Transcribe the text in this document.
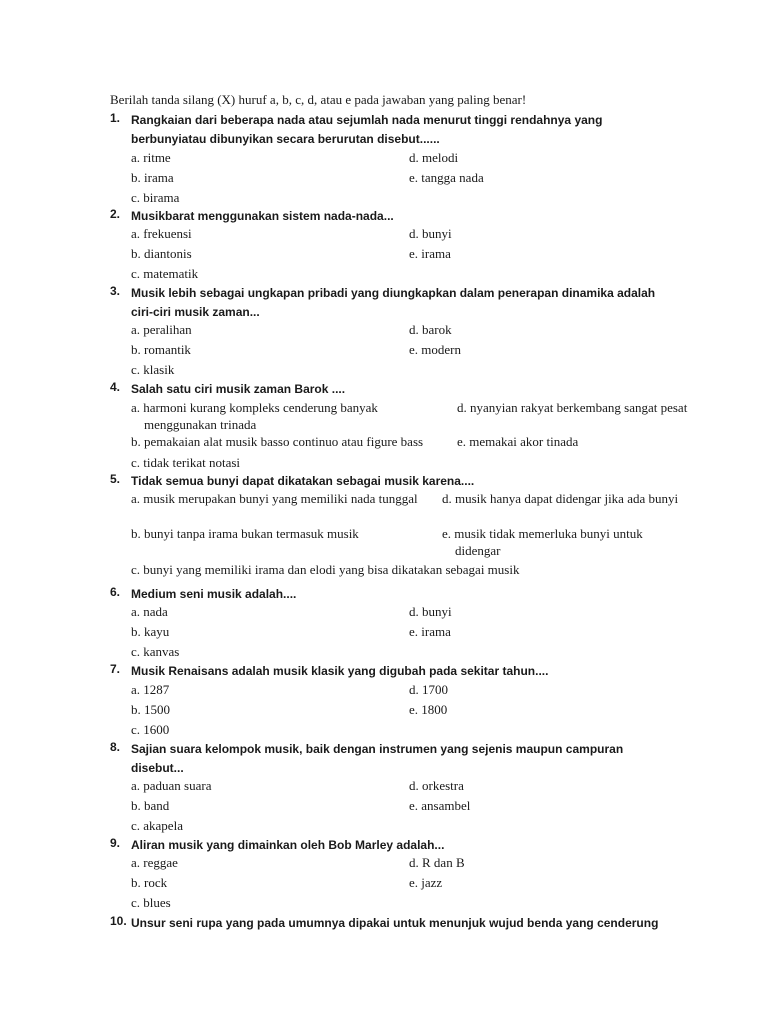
Berilah tanda silang (X) huruf a, b, c, d, atau e pada jawaban yang paling benar!
1. Rangkaian dari beberapa nada atau sejumlah nada menurut tinggi rendahnya yang berbunyiatau dibunyikan secara berurutan disebut......
a. ritme
b. irama
c. birama
d. melodi
e. tangga nada
2. Musikbarat menggunakan sistem nada-nada...
a. frekuensi
b. diantonis
c. matematik
d. bunyi
e. irama
3. Musik lebih sebagai ungkapan pribadi yang diungkapkan dalam penerapan dinamika adalah ciri-ciri musik zaman...
a. peralihan
b. romantik
c. klasik
d. barok
e. modern
4. Salah satu ciri musik zaman Barok ....
a. harmoni kurang kompleks cenderung banyak menggunakan trinada
b. pemakaian alat musik basso continuo atau figure bass
c. tidak terikat notasi
d. nyanyian rakyat berkembang sangat pesat
e. memakai akor tinada
5. Tidak semua bunyi dapat dikatakan sebagai musik karena....
a. musik merupakan bunyi yang memiliki nada tunggal
b. bunyi tanpa irama bukan termasuk musik
c. bunyi yang memiliki irama dan elodi yang bisa dikatakan sebagai musik
d. musik hanya dapat didengar jika ada bunyi
e. musik tidak memerluka bunyi untuk didengar
6. Medium seni musik adalah....
a. nada
b. kayu
c. kanvas
d. bunyi
e. irama
7. Musik Renaisans adalah musik klasik yang digubah pada sekitar tahun....
a. 1287
b. 1500
c. 1600
d. 1700
e. 1800
8. Sajian suara kelompok musik, baik dengan instrumen yang sejenis maupun campuran disebut...
a. paduan suara
b. band
c. akapela
d. orkestra
e. ansambel
9. Aliran musik yang dimainkan oleh Bob Marley adalah...
a. reggae
b. rock
c. blues
d. R dan B
e. jazz
10. Unsur seni rupa yang pada umumnya dipakai untuk menunjuk wujud benda yang cenderung
